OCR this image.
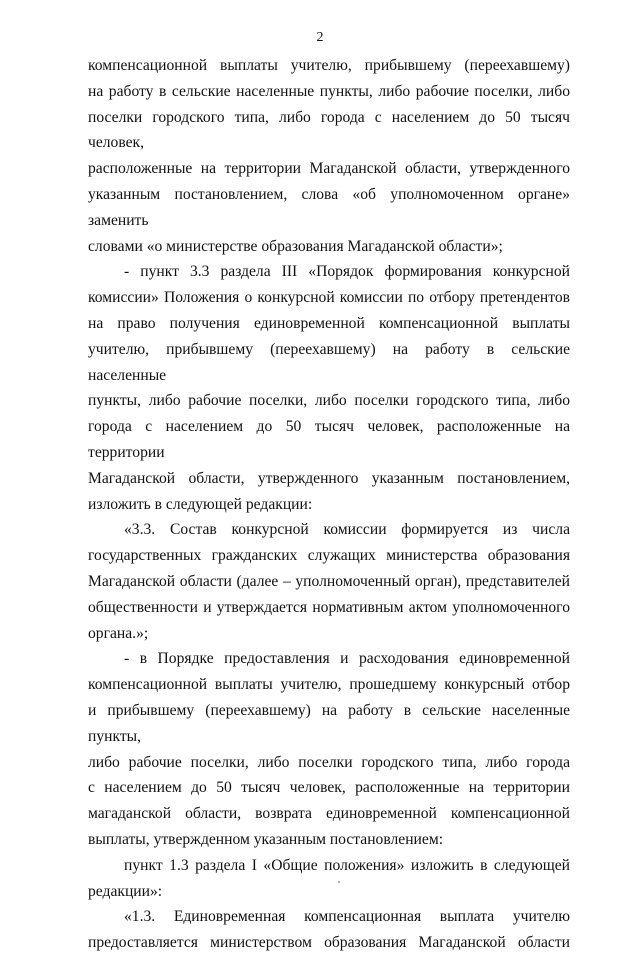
2

компенсационной выплаты учителю, прибывшему (переехавшему)

на работу в сельские населенные пункты, либо рабочие поселки, либо

поселки городского типа, либо города с населением до 50 тысяч человек,

расположенные на территории Магаданской области, утвержденного

указанным постановлением, слова «об уполномоченном органе» заменить

словами «о министерстве образования Магаданской области»;

- пункт 3.3 раздела III «Порядок формирования конкурсной

комиссии» Положения о конкурсной комиссии по отбору претендентов

на право получения единовременной компенсационной выплаты

учителю, прибывшему (переехавшему) на работу в сельские населенные

пункты, либо рабочие поселки, либо поселки городского типа, либо

города с населением до 50 тысяч человек, расположенные на территории

Магаданской области, утвержденного указанным постановлением,

изложить в следующей редакции:

«3.3. Состав конкурсной комиссии формируется из числа

государственных гражданских служащих министерства образования

Магаданской области (далее – уполномоченный орган), представителей

общественности и утверждается нормативным актом уполномоченного

органа.»;

- в Порядке предоставления и расходования единовременной

компенсационной выплаты учителю, прошедшему конкурсный отбор

и прибывшему (переехавшему) на работу в сельские населенные пункты,

либо рабочие поселки, либо поселки городского типа, либо города

с населением до 50 тысяч человек, расположенные на территории

магаданской области, возврата единовременной компенсационной

выплаты, утвержденном указанным постановлением:

пункт 1.3 раздела I «Общие положения» изложить в следующей

редакции»:

«1.3. Единовременная компенсационная выплата учителю

предоставляется министерством образования Магаданской области
